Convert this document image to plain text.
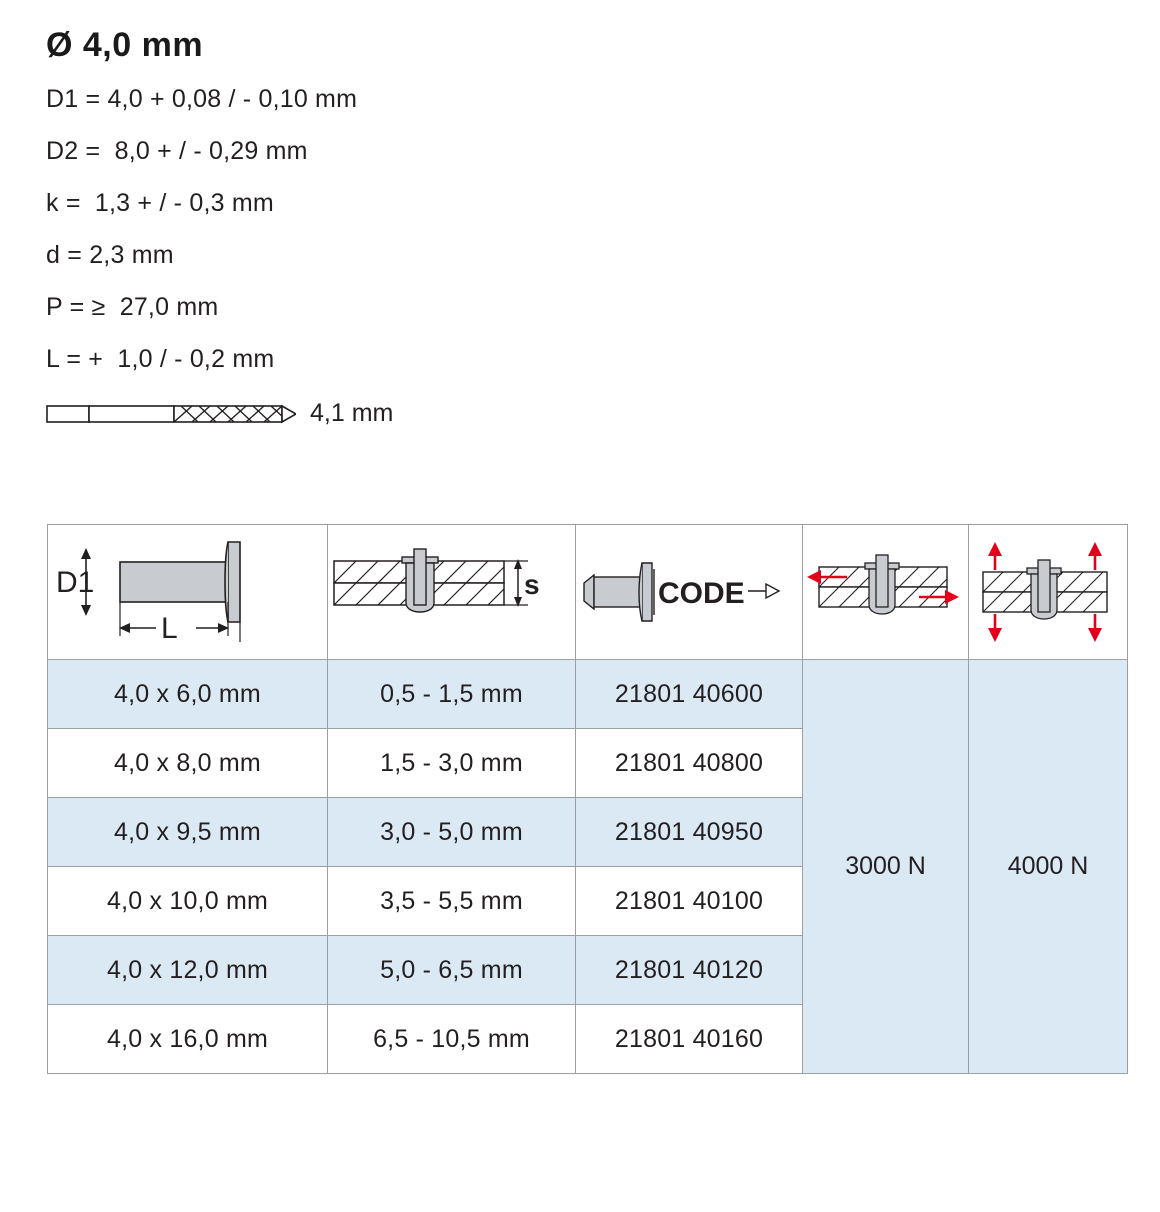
Ø 4,0 mm
D1 = 4,0 + 0,08 / - 0,10 mm
D2 =  8,0 + / - 0,29 mm
k =  1,3 + / - 0,3 mm
d = 2,3 mm
P = ≥  27,0 mm
L = +  1,0 / - 0,2 mm
4,1 mm
D1
L	s	CODE

4,0 x 6,0 mm	0,5 - 1,5 mm	21801 40600	3000 N	4000 N
4,0 x 8,0 mm	1,5 - 3,0 mm	21801 40800		
4,0 x 9,5 mm	3,0 - 5,0 mm	21801 40950		
4,0 x 10,0 mm	3,5 - 5,5 mm	21801 40100		
4,0 x 12,0 mm	5,0 - 6,5 mm	21801 40120		
4,0 x 16,0 mm	6,5 - 10,5 mm	21801 40160		
